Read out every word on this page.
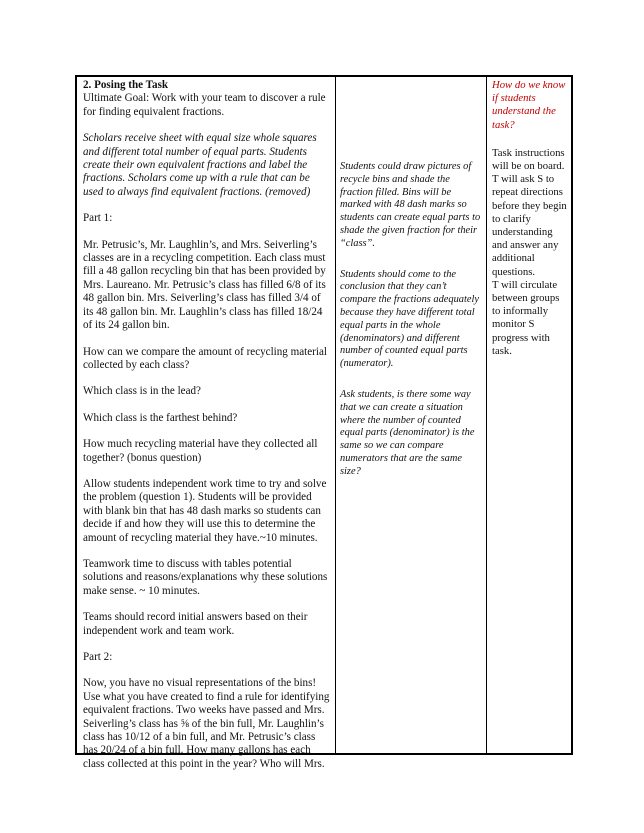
2. Posing the Task

Ultimate Goal: Work with your team to discover a rule for finding equivalent fractions.

Scholars receive sheet with equal size whole squares and different total number of equal parts. Students create their own equivalent fractions and label the fractions. Scholars come up with a rule that can be used to always find equivalent fractions. (removed)

Part 1:

Mr. Petrusic’s, Mr. Laughlin’s, and Mrs. Seiverling’s classes are in a recycling competition. Each class must fill a 48 gallon recycling bin that has been provided by Mrs. Laureano. Mr. Petrusic’s class has filled 6/8 of its 48 gallon bin. Mrs. Seiverling’s class has filled 3/4 of its 48 gallon bin. Mr. Laughlin’s class has filled 18/24 of its 24 gallon bin.

How can we compare the amount of recycling material collected by each class?

Which class is in the lead?

Which class is the farthest behind?

How much recycling material have they collected all together? (bonus question)

Allow students independent work time to try and solve the problem (question 1). Students will be provided with blank bin that has 48 dash marks so students can decide if and how they will use this to determine the amount of recycling material they have.~10 minutes.

Teamwork time to discuss with tables potential solutions and reasons/explanations why these solutions make sense. ~ 10 minutes.

Teams should record initial answers based on their independent work and team work.

Part 2:

Now, you have no visual representations of the bins! Use what you have created to find a rule for identifying equivalent fractions. Two weeks have passed and Mrs. Seiverling’s class has ⅝ of the bin full, Mr. Laughlin’s class has 10/12 of a bin full, and Mr. Petrusic’s class has 20/24 of a bin full. How many gallons has each class collected at this point in the year? Who will Mrs.

Students could draw pictures of recycle bins and shade the fraction filled. Bins will be marked with 48 dash marks so students can create equal parts to shade the given fraction for their “class”.

Students should come to the conclusion that they can’t compare the fractions adequately because they have different total equal parts in the whole (denominators) and different number of counted equal parts (numerator).

Ask students, is there some way that we can create a situation where the number of counted equal parts (denominator) is the same so we can compare numerators that are the same size?

How do we know if students understand the task?

Task instructions will be on board. T will ask S to repeat directions before they begin to clarify understanding and answer any additional questions.

T will circulate between groups to informally monitor S progress with task.
